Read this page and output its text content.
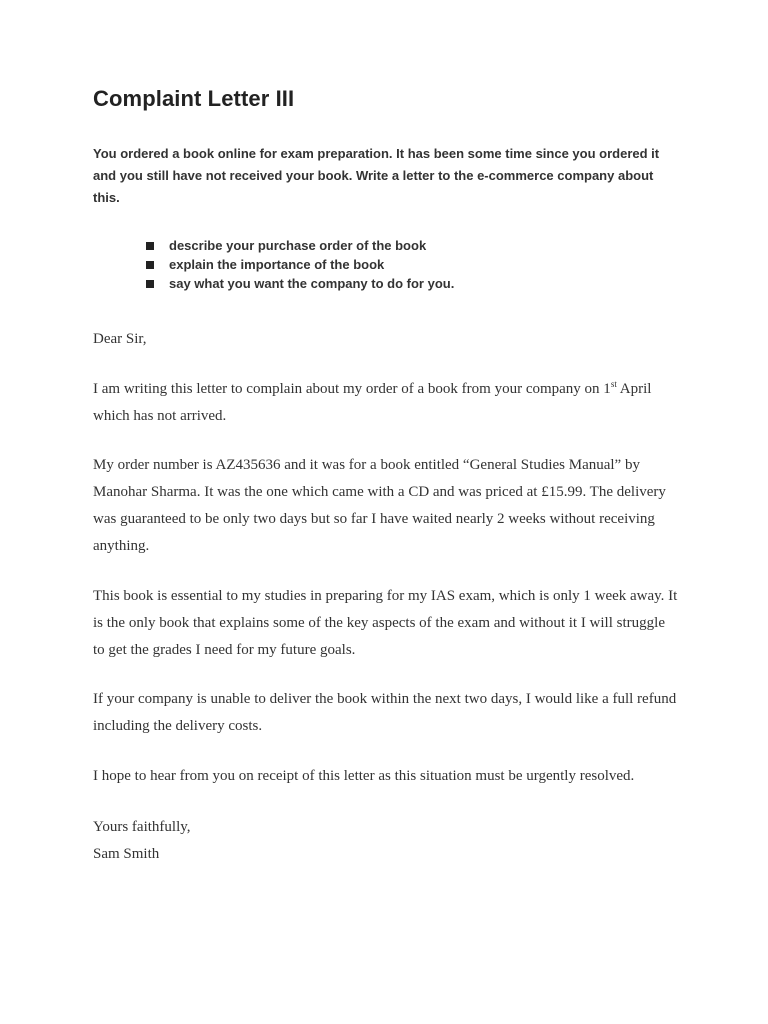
Complaint Letter III

You ordered a book online for exam preparation. It has been some time since you ordered it and you still have not received your book. Write a letter to the e-commerce company about this.

describe your purchase order of the book
explain the importance of the book
say what you want the company to do for you.

Dear Sir,

I am writing this letter to complain about my order of a book from your company on 1st April which has not arrived.

My order number is AZ435636 and it was for a book entitled “General Studies Manual” by Manohar Sharma. It was the one which came with a CD and was priced at £15.99. The delivery was guaranteed to be only two days but so far I have waited nearly 2 weeks without receiving anything.

This book is essential to my studies in preparing for my IAS exam, which is only 1 week away. It is the only book that explains some of the key aspects of the exam and without it I will struggle to get the grades I need for my future goals.

If your company is unable to deliver the book within the next two days, I would like a full refund including the delivery costs.

I hope to hear from you on receipt of this letter as this situation must be urgently resolved.

Yours faithfully,
Sam Smith
